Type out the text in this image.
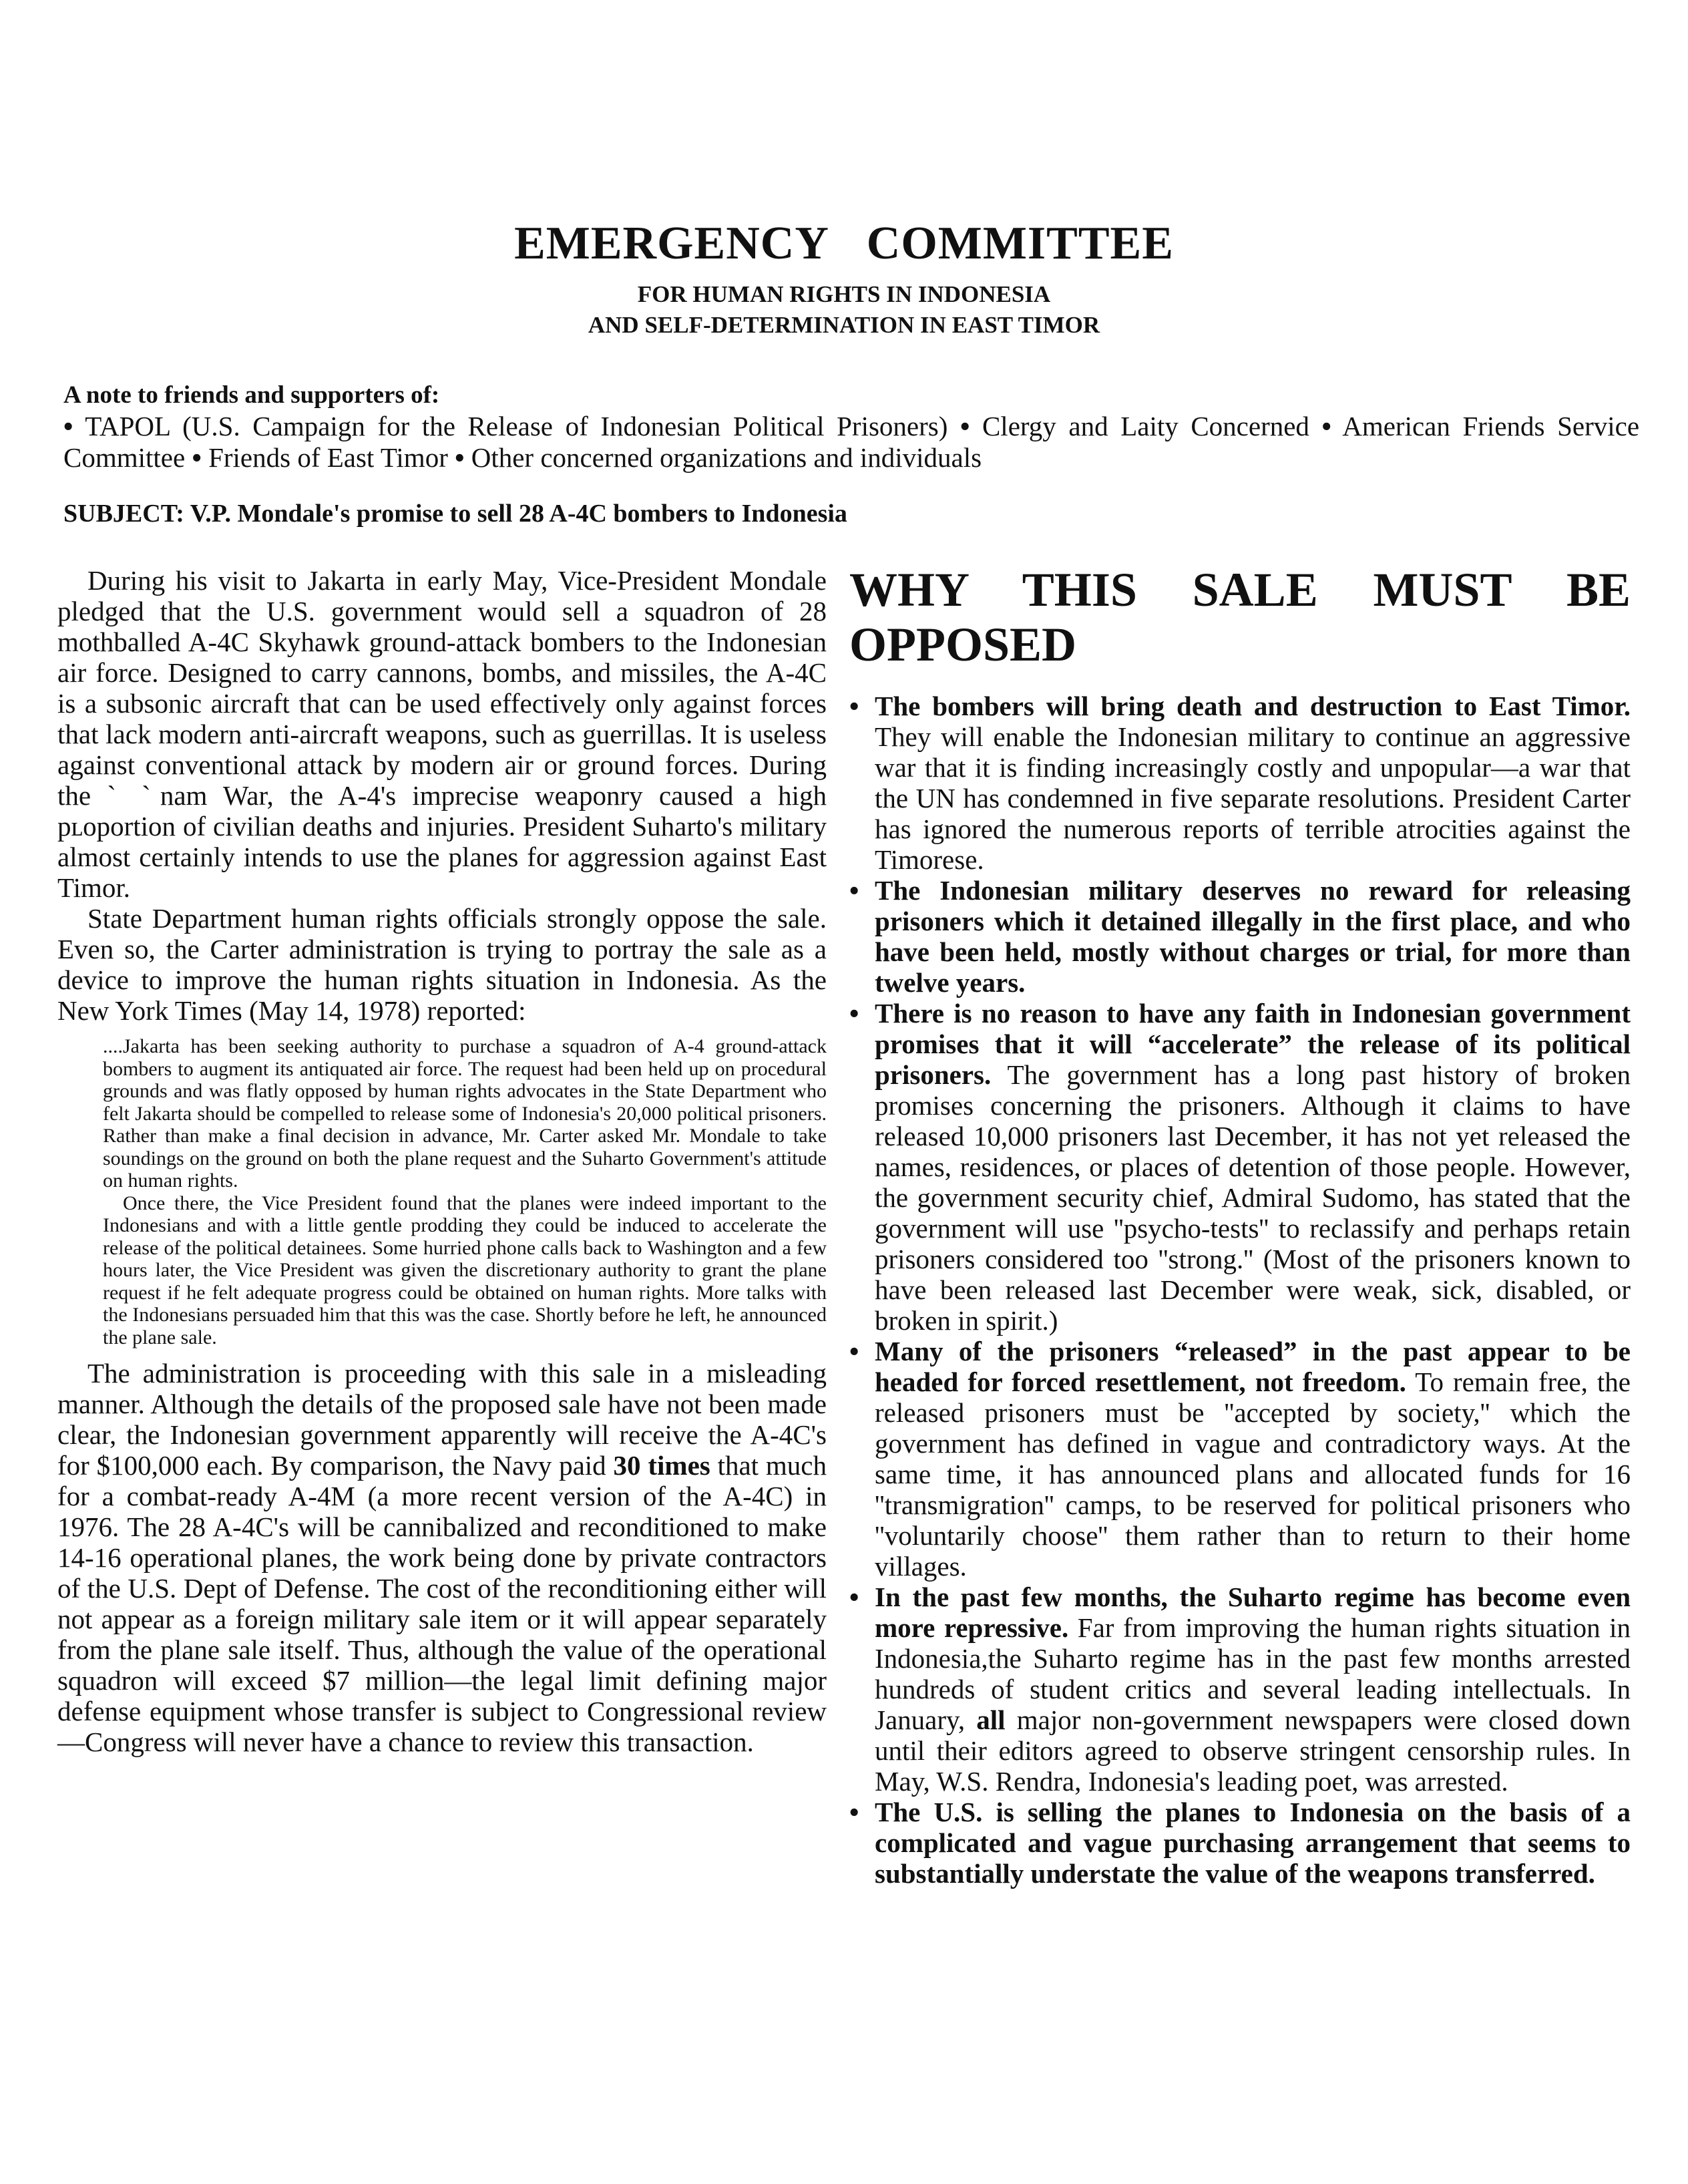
EMERGENCY COMMITTEE
FOR HUMAN RIGHTS IN INDONESIA
AND SELF-DETERMINATION IN EAST TIMOR
A note to friends and supporters of:
• TAPOL (U.S. Campaign for the Release of Indonesian Political Prisoners) • Clergy and Laity Concerned • American Friends Service Committee • Friends of East Timor • Other concerned organizations and individuals
SUBJECT: V.P. Mondale's promise to sell 28 A-4C bombers to Indonesia

During his visit to Jakarta in early May, Vice-President Mondale pledged that the U.S. government would sell a squadron of 28 mothballed A-4C Skyhawk ground-attack bombers to the Indonesian air force. Designed to carry cannons, bombs, and missiles, the A-4C is a subsonic aircraft that can be used effectively only against forces that lack modern anti-aircraft weapons, such as guerrillas. It is useless against conventional attack by modern air or ground forces. During the ˋ ˋnam War, the A-4's imprecise weaponry caused a high pʟoportion of civilian deaths and injuries. President Suharto's military almost certainly intends to use the planes for aggression against East Timor.

State Department human rights officials strongly oppose the sale. Even so, the Carter administration is trying to portray the sale as a device to improve the human rights situation in Indonesia. As the New York Times (May 14, 1978) reported:

....Jakarta has been seeking authority to purchase a squadron of A-4 ground-attack bombers to augment its antiquated air force. The request had been held up on procedural grounds and was flatly opposed by human rights advocates in the State Department who felt Jakarta should be compelled to release some of Indonesia's 20,000 political prisoners. Rather than make a final decision in advance, Mr. Carter asked Mr. Mondale to take soundings on the ground on both the plane request and the Suharto Government's attitude on human rights.

Once there, the Vice President found that the planes were indeed important to the Indonesians and with a little gentle prodding they could be induced to accelerate the release of the political detainees. Some hurried phone calls back to Washington and a few hours later, the Vice President was given the discretionary authority to grant the plane request if he felt adequate progress could be obtained on human rights. More talks with the Indonesians persuaded him that this was the case. Shortly before he left, he announced the plane sale.

The administration is proceeding with this sale in a misleading manner. Although the details of the proposed sale have not been made clear, the Indonesian government apparently will receive the A-4C's for $100,000 each. By comparison, the Navy paid 30 times that much for a combat-ready A-4M (a more recent version of the A-4C) in 1976. The 28 A-4C's will be cannibalized and reconditioned to make 14-16 operational planes, the work being done by private contractors of the U.S. Dept of Defense. The cost of the reconditioning either will not appear as a foreign military sale item or it will appear separately from the plane sale itself. Thus, although the value of the operational squadron will exceed $7 million—the legal limit defining major defense equipment whose transfer is subject to Congressional review—Congress will never have a chance to review this transaction.

WHY THIS SALE MUST BE OPPOSED
• The bombers will bring death and destruction to East Timor. They will enable the Indonesian military to continue an aggressive war that it is finding increasingly costly and unpopular—a war that the UN has condemned in five separate resolutions. President Carter has ignored the numerous reports of terrible atrocities against the Timorese.
• The Indonesian military deserves no reward for releasing prisoners which it detained illegally in the first place, and who have been held, mostly without charges or trial, for more than twelve years.
• There is no reason to have any faith in Indonesian government promises that it will “accelerate” the release of its political prisoners. The government has a long past history of broken promises concerning the prisoners. Although it claims to have released 10,000 prisoners last December, it has not yet released the names, residences, or places of detention of those people. However, the government security chief, Admiral Sudomo, has stated that the government will use ''psycho-tests'' to reclassify and perhaps retain prisoners considered too ''strong.'' (Most of the prisoners known to have been released last December were weak, sick, disabled, or broken in spirit.)
• Many of the prisoners “released” in the past appear to be headed for forced resettlement, not freedom. To remain free, the released prisoners must be ''accepted by society,'' which the government has defined in vague and contradictory ways. At the same time, it has announced plans and allocated funds for 16 ''transmigration'' camps, to be reserved for political prisoners who ''voluntarily choose'' them rather than to return to their home villages.
• In the past few months, the Suharto regime has become even more repressive. Far from improving the human rights situation in Indonesia,the Suharto regime has in the past few months arrested hundreds of student critics and several leading intellectuals. In January, all major non-government newspapers were closed down until their editors agreed to observe stringent censorship rules. In May, W.S. Rendra, Indonesia's leading poet, was arrested.
• The U.S. is selling the planes to Indonesia on the basis of a complicated and vague purchasing arrangement that seems to substantially understate the value of the weapons transferred.
